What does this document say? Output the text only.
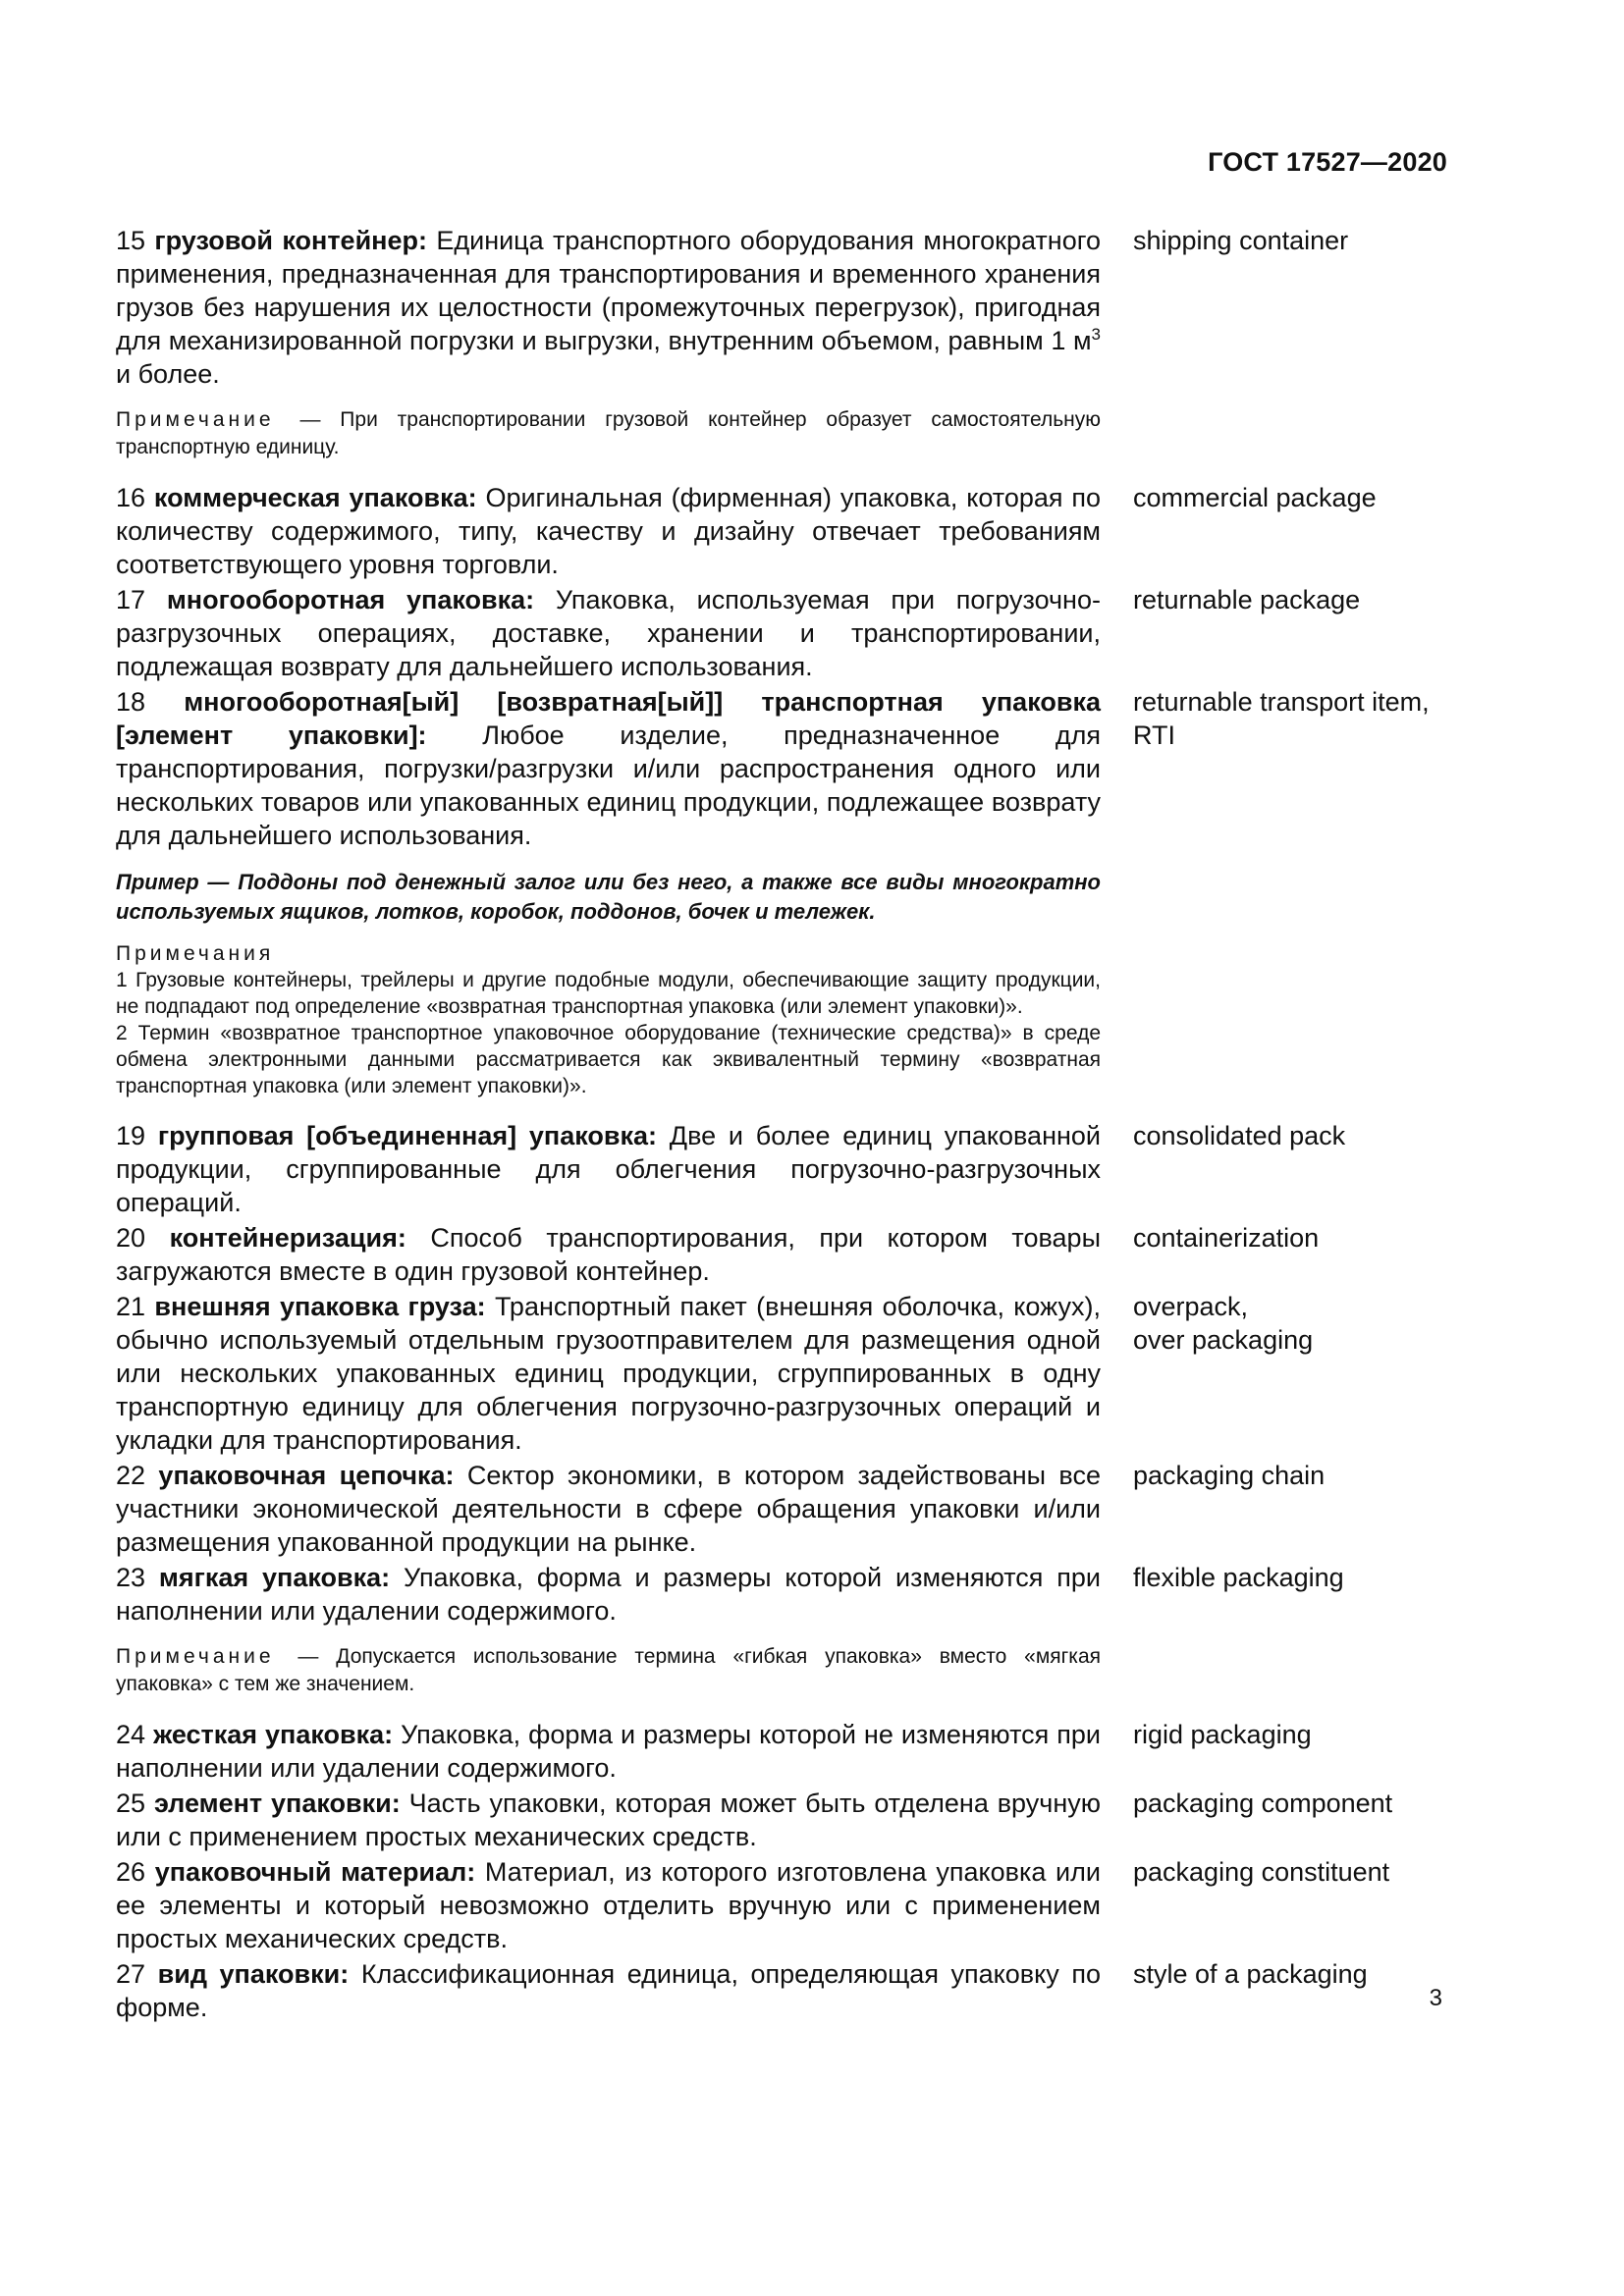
ГОСТ 17527—2020

15 грузовой контейнер: Единица транспортного оборудования многократного применения, предназначенная для транспортирования и временного хранения грузов без нарушения их целостности (промежуточных перегрузок), пригодная для механизированной погрузки и выгрузки, внутренним объемом, равным 1 $м^3$ и более.

Примечание — При транспортировании грузовой контейнер образует самостоятельную транспортную единицу.

shipping container

16 коммерческая упаковка: Оригинальная (фирменная) упаковка, которая по количеству содержимого, типу, качеству и дизайну отвечает требованиям соответствующего уровня торговли.

commercial package

17 многооборотная упаковка: Упаковка, используемая при погрузочно-разгрузочных операциях, доставке, хранении и транспортировании, подлежащая возврату для дальнейшего использования.

returnable package

18 многооборотная[ый] [возвратная[ый]] транспортная упаковка [элемент упаковки]: Любое изделие, предназначенное для транспортирования, погрузки/разгрузки и/или распространения одного или нескольких товаров или упакованных единиц продукции, подлежащее возврату для дальнейшего использования.

Пример — Поддоны под денежный залог или без него, а также все виды многократно используемых ящиков, лотков, коробок, поддонов, бочек и тележек.

Примечания
1 Грузовые контейнеры, трейлеры и другие подобные модули, обеспечивающие защиту продукции, не подпадают под определение «возвратная транспортная упаковка (или элемент упаковки)».
2 Термин «возвратное транспортное упаковочное оборудование (технические средства)» в среде обмена электронными данными рассматривается как эквивалентный термину «возвратная транспортная упаковка (или элемент упаковки)».
returnable transport item,
RTI

19 групповая [объединенная] упаковка: Две и более единиц упакованной продукции, сгруппированные для облегчения погрузочно-разгрузочных операций.

consolidated pack

20 контейнеризация: Способ транспортирования, при котором товары загружаются вместе в один грузовой контейнер.

containerization

21 внешняя упаковка груза: Транспортный пакет (внешняя оболочка, кожух), обычно используемый отдельным грузоотправителем для размещения одной или нескольких упакованных единиц продукции, сгруппированных в одну транспортную единицу для облегчения погрузочно-разгрузочных операций и укладки для транспортирования.

overpack,
over packaging

22 упаковочная цепочка: Сектор экономики, в котором задействованы все участники экономической деятельности в сфере обращения упаковки и/или размещения упакованной продукции на рынке.

packaging chain

23 мягкая упаковка: Упаковка, форма и размеры которой изменяются при наполнении или удалении содержимого.

Примечание — Допускается использование термина «гибкая упаковка» вместо «мягкая упаковка» с тем же значением.

flexible packaging

24 жесткая упаковка: Упаковка, форма и размеры которой не изменяются при наполнении или удалении содержимого.

rigid packaging

25 элемент упаковки: Часть упаковки, которая может быть отделена вручную или с применением простых механических средств.

packaging component

26 упаковочный материал: Материал, из которого изготовлена упаковка или ее элементы и который невозможно отделить вручную или с применением простых механических средств.

packaging constituent

27 вид упаковки: Классификационная единица, определяющая упаковку по форме.

style of a packaging
3
